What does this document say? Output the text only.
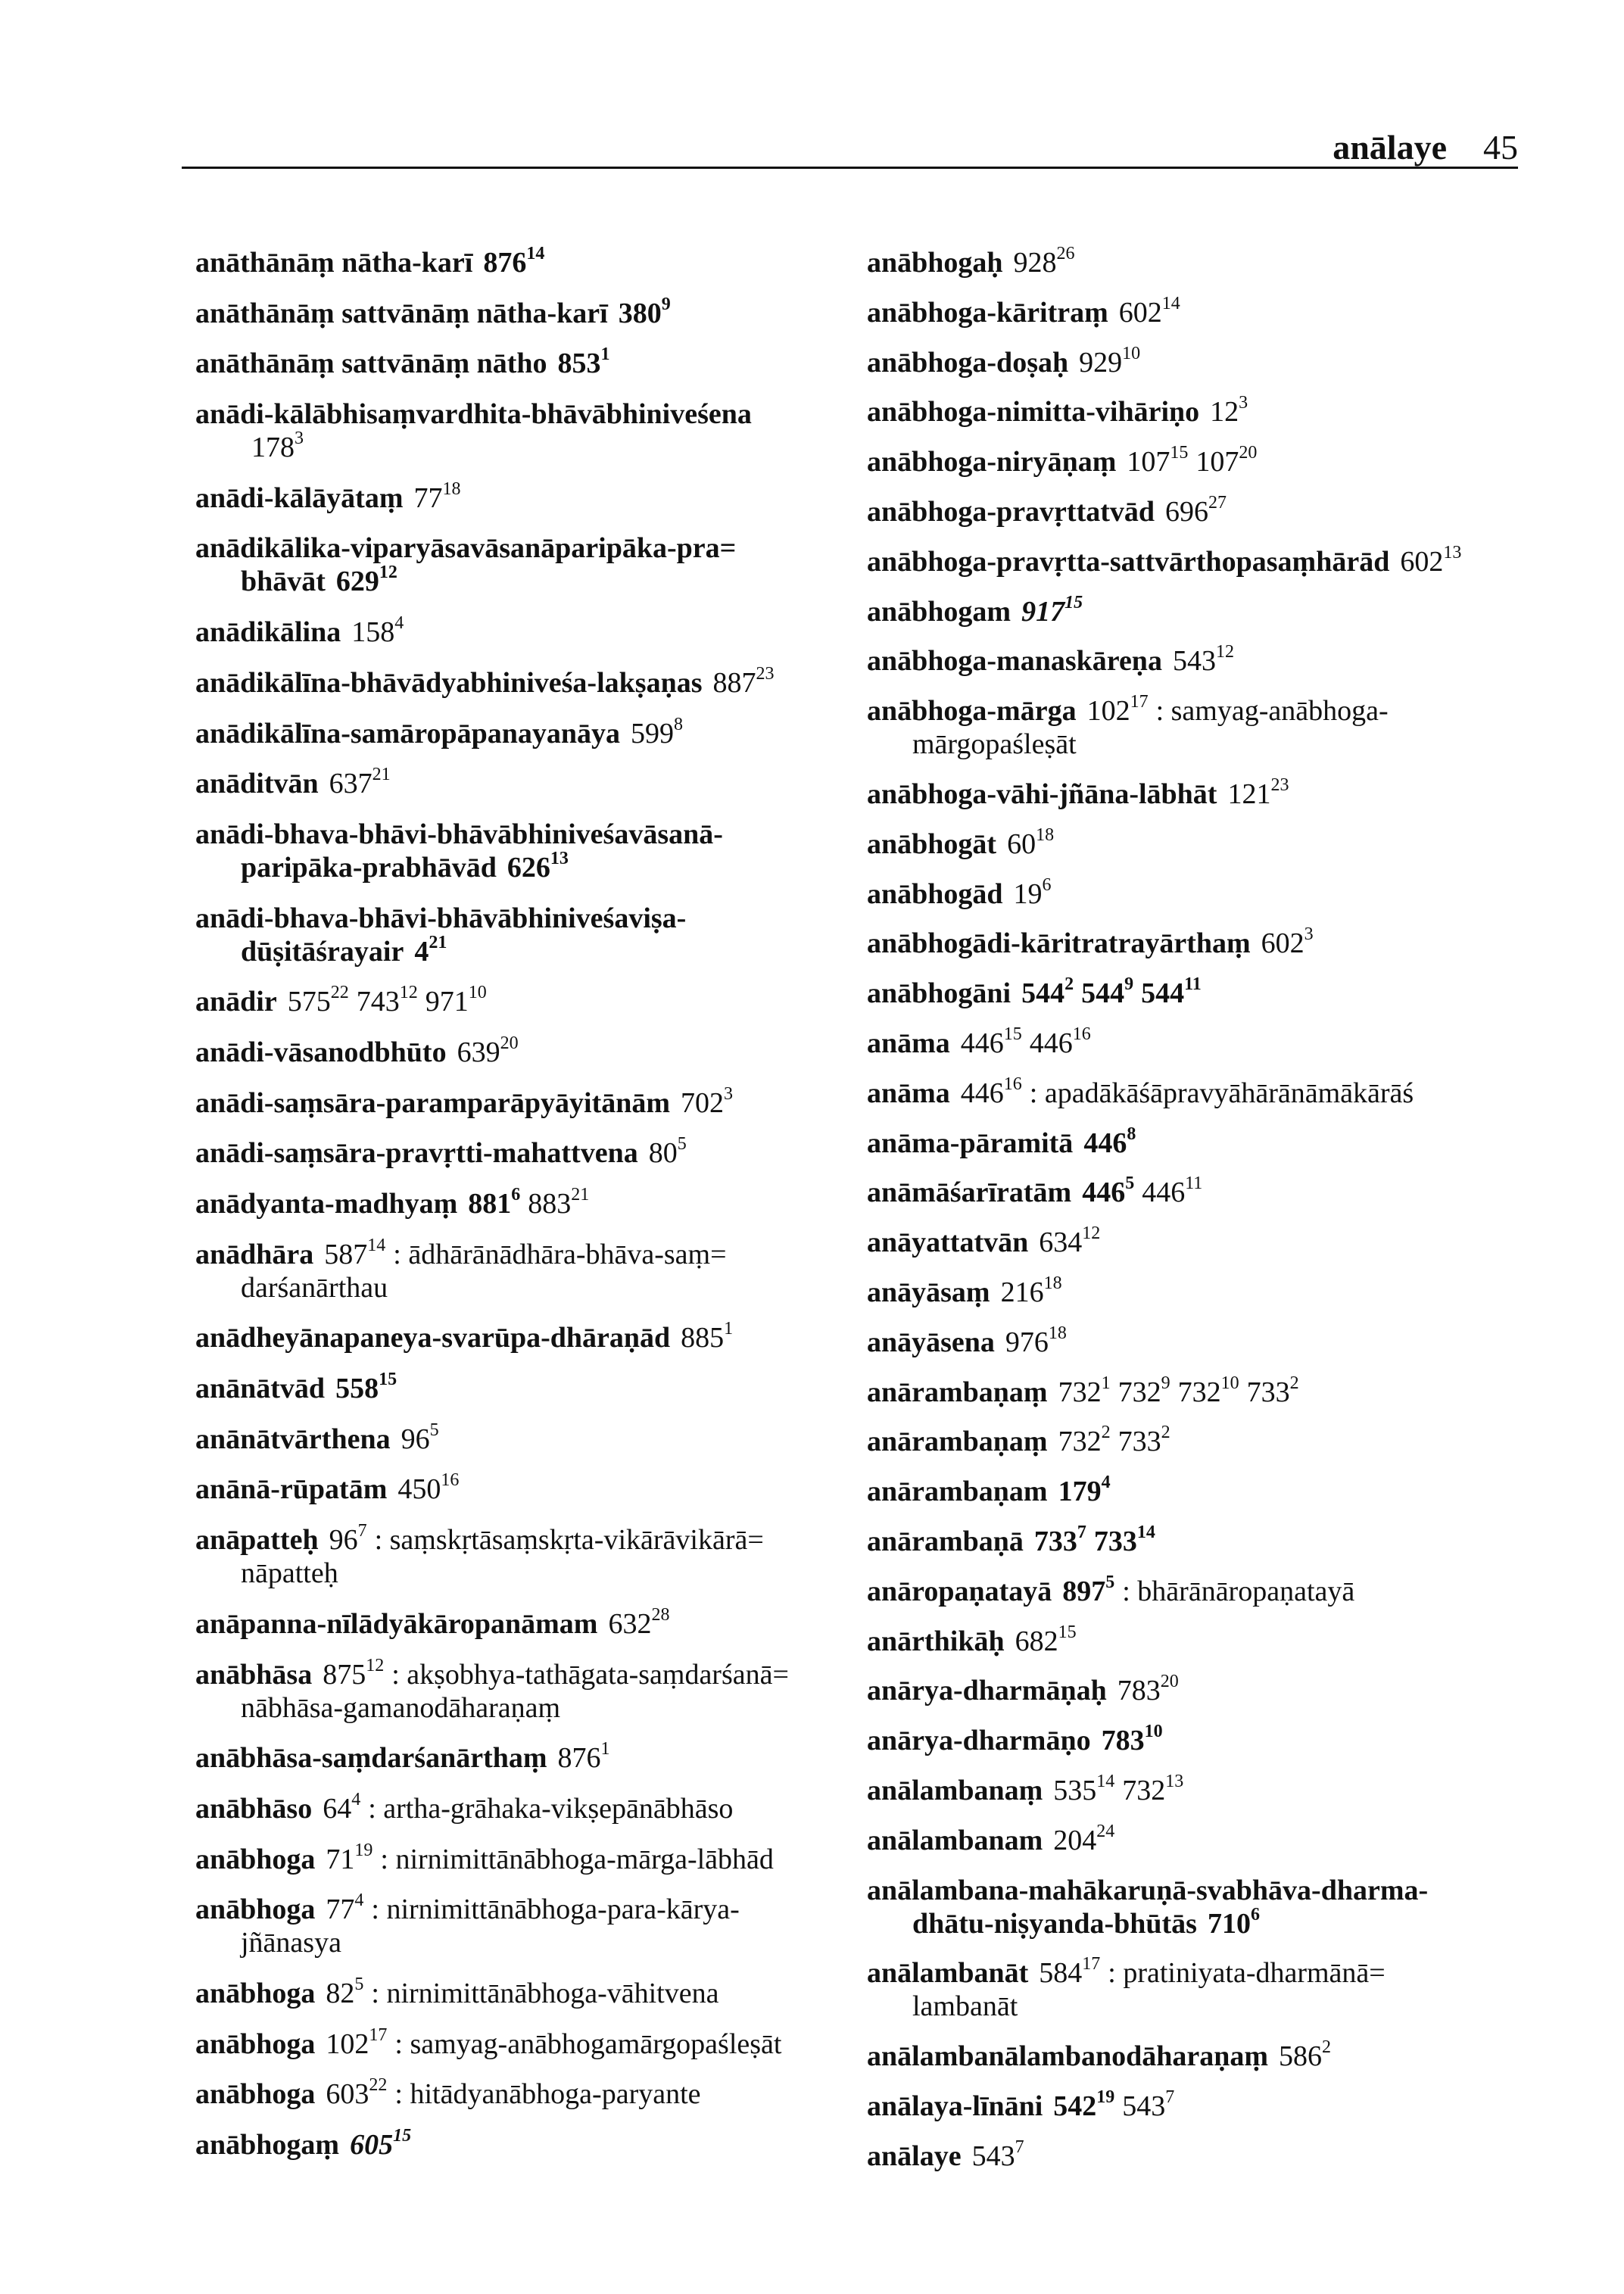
anālaye 45
anāthānāṃ nātha-karī $876^{14}$
anāthānāṃ sattvānāṃ nātha-karī $380^9$
anāthānāṃ sattvānāṃ nātho $853^1$
anādi-kālābhisaṃvardhita-bhāvābhiniveśena
$178^3$
anādi-kālāyātaṃ $77^{18}$
anādikālika-viparyāsavāsanāparipāka-pra=
bhāvāt $629^{12}$
anādikālina $158^4$
anādikālīna-bhāvādyabhiniveśa-lakṣaṇas $887^{23}$
anādikālīna-samāropāpanayanāya $599^8$
anāditvān $637^{21}$
anādi-bhava-bhāvi-bhāvābhiniveśavāsanā-
paripāka-prabhāvād $626^{13}$
anādi-bhava-bhāvi-bhāvābhiniveśaviṣa-
dūṣitāśrayair $4^{21}$
anādir $575^{22}$ $743^{12}$ $971^{10}$
anādi-vāsanodbhūto $639^{20}$
anādi-saṃsāra-paramparāpyāyitānām $702^3$
anādi-saṃsāra-pravṛtti-mahattvena $80^5$
anādyanta-madhyaṃ $881^6$ $883^{21}$
anādhāra $587^{14}$ : ādhārānādhāra-bhāva-saṃ=
darśanārthau
anādheyānapaneya-svarūpa-dhāraṇād $885^1$
anānātvād $558^{15}$
anānātvārthena $96^5$
anānā-rūpatām $450^{16}$
anāpatteḥ $96^7$ : saṃskṛtāsaṃskṛta-vikārāvikārā=
nāpatteḥ
anāpanna-nīlādyākāropanāmam $632^{28}$
anābhāsa $875^{12}$ : akṣobhya-tathāgata-saṃdarśanā=
nābhāsa-gamanodāharaṇaṃ
anābhāsa-saṃdarśanārthaṃ $876^1$
anābhāso $64^4$ : artha-grāhaka-vikṣepānābhāso
anābhoga $71^{19}$ : nirnimittānābhoga-mārga-lābhād
anābhoga $77^4$ : nirnimittānābhoga-para-kārya-
jñānasya
anābhoga $82^5$ : nirnimittānābhoga-vāhitvena
anābhoga $102^{17}$ : samyag-anābhogamārgopaśleṣāt
anābhoga $603^{22}$ : hitādyanābhoga-paryante
anābhogaṃ $605^{15}$
anābhogaḥ $928^{26}$
anābhoga-kāritraṃ $602^{14}$
anābhoga-doṣaḥ $929^{10}$
anābhoga-nimitta-vihāriṇo $12^3$
anābhoga-niryāṇaṃ $107^{15}$ $107^{20}$
anābhoga-pravṛttatvād $696^{27}$
anābhoga-pravṛtta-sattvārthopasaṃhārād $602^{13}$
anābhogam $917^{15}$
anābhoga-manaskāreṇa $543^{12}$
anābhoga-mārga $102^{17}$ : samyag-anābhoga-
mārgopaśleṣāt
anābhoga-vāhi-jñāna-lābhāt $121^{23}$
anābhogāt $60^{18}$
anābhogād $19^6$
anābhogādi-kāritratrayārthaṃ $602^3$
anābhogāni $544^2$ $544^9$ $544^{11}$
anāma $446^{15}$ $446^{16}$
anāma $446^{16}$ : apadākāśāpravyāhārānāmākārāś
anāma-pāramitā $446^8$
anāmāśarīratām $446^5$ $446^{11}$
anāyattatvān $634^{12}$
anāyāsaṃ $216^{18}$
anāyāsena $976^{18}$
anārambaṇaṃ $732^1$ $732^9$ $732^{10}$ $733^2$
anārambaṇaṃ $732^2$ $733^2$
anārambaṇam $179^4$
anārambaṇā $733^7$ $733^{14}$
anāropaṇatayā $897^5$ : bhārānāropaṇatayā
anārthikāḥ $682^{15}$
anārya-dharmāṇaḥ $783^{20}$
anārya-dharmāṇo $783^{10}$
anālambanaṃ $535^{14}$ $732^{13}$
anālambanam $204^{24}$
anālambana-mahākaruṇā-svabhāva-dharma-
dhātu-niṣyanda-bhūtās $710^6$
anālambanāt $584^{17}$ : pratiniyata-dharmānā=
lambanāt
anālambanālambanodāharaṇaṃ $586^2$
anālaya-līnāni $542^{19}$ $543^7$
anālaye $543^7$
